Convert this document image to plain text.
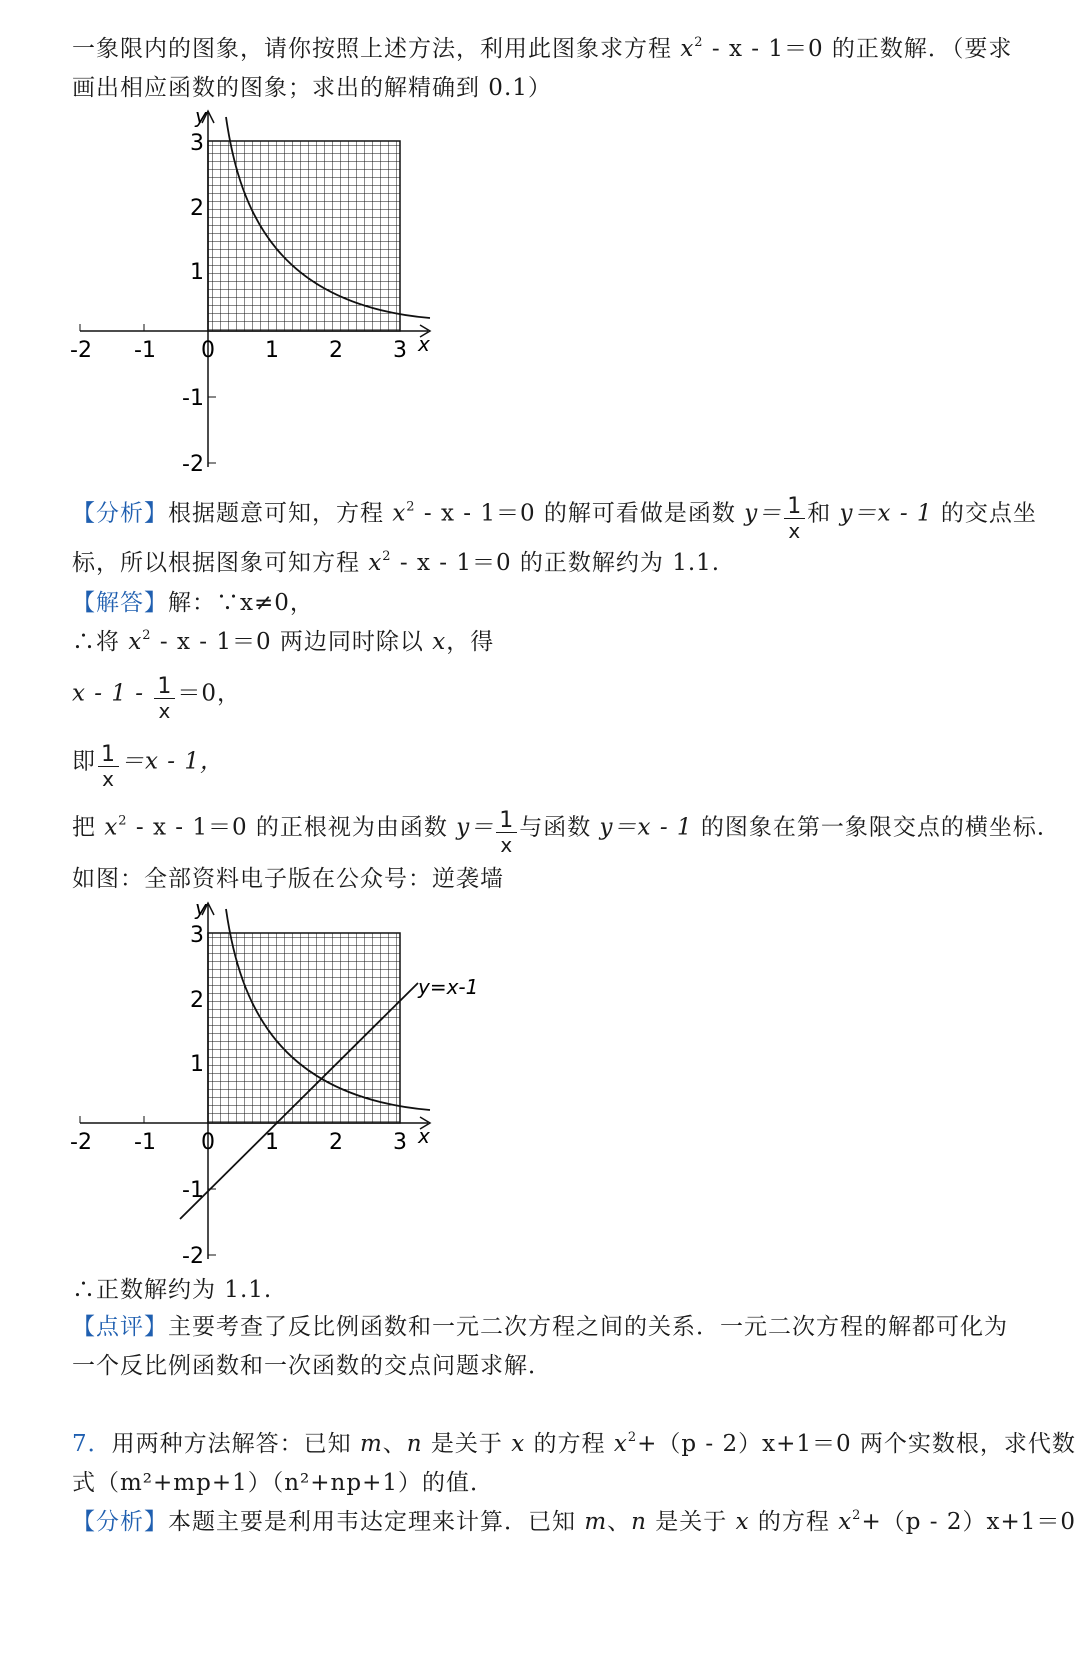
一象限内的图象，请你按照上述方法，利用此图象求方程 $x^2 - x - 1=0$ 的正数解．（要求
画出相应函数的图象；求出的解精确到 0.1）
y
x
-2 -1 0 1 2 3
3
2
1
-1
-2
【分析】根据题意可知，方程 $x^2 - x - 1=0$ 的解可看做是函数 $y= \frac{1}{x}$ 和 y＝x - 1 的交点坐
标，所以根据图象可知方程 $x^2 - x - 1=0$ 的正数解约为 1.1.
【解答】解：∵x≠0，
∴将 $x^2 - x - 1=0$ 两边同时除以 x，得
$x - 1 - \frac{1}{x} =0$，
即 $\frac{1}{x} =x - 1$，
把 $x^2 - x - 1=0$ 的正根视为由函数 $y= \frac{1}{x}$ 与函数 y＝x - 1 的图象在第一象限交点的横坐标．
如图：全部资料电子版在公众号：逆袭墙
y=x-1
y
x
-2 -1 0 1 2 3
3
2
1
-1
-2
∴正数解约为 1.1.
【点评】主要考查了反比例函数和一元二次方程之间的关系．一元二次方程的解都可化为
一个反比例函数和一次函数的交点问题求解．
7．用两种方法解答：已知 m、n 是关于 x 的方程 $x^2+(p - 2)x+1=0$ 两个实数根，求代数
式（m²+mp+1）（n²+np+1）的值．
【分析】本题主要是利用韦达定理来计算．已知 m、n 是关于 x 的方程 $x^2+(p - 2)x+1=0$
